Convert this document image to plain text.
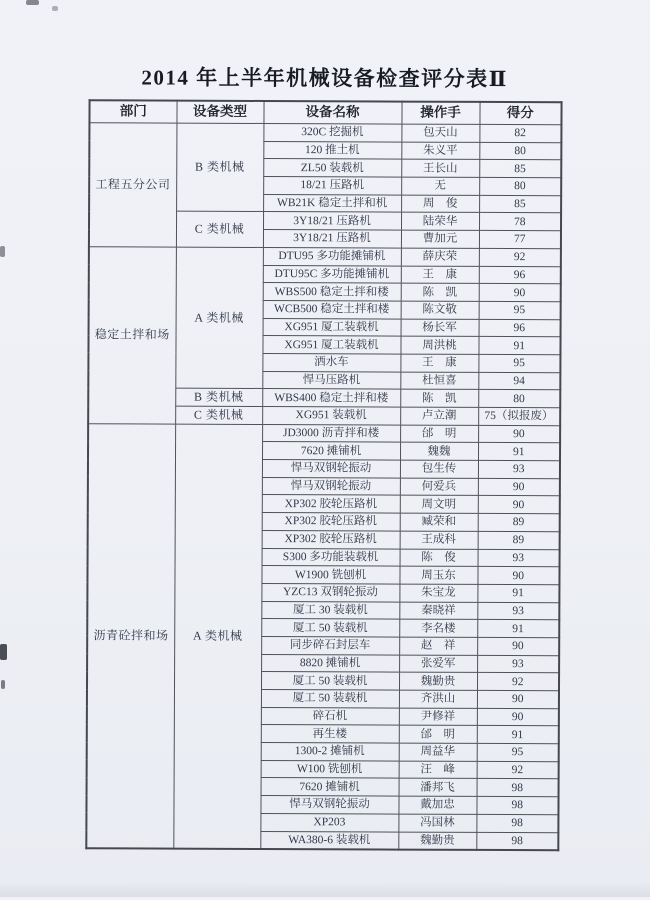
2014 年上半年机械设备检查评分表Ⅱ
部门	设备类型	设备名称	操作手	得分
工程五分公司	B 类机械	320C 挖掘机	包天山	82
		120 推土机	朱义平	80
		ZL50 装载机	王长山	85
		18/21 压路机	无	80
		WB21K 稳定土拌和机	周　俊	85
	C 类机械	3Y18/21 压路机	陆荣华	78
		3Y18/21 压路机	曹加元	77
稳定土拌和场	A 类机械	DTU95 多功能摊铺机	薛庆荣	92
		DTU95C 多功能摊铺机	王　康	96
		WBS500 稳定土拌和楼	陈　凯	90
		WCB500 稳定土拌和楼	陈文敬	95
		XG951 厦工装载机	杨长军	96
		XG951 厦工装载机	周洪桃	91
		洒水车	王　康	95
		悍马压路机	杜恒喜	94
	B 类机械	WBS400 稳定土拌和楼	陈　凯	80
	C 类机械	XG951 装载机	卢立潮	75（拟报废）
沥青砼拌和场	A 类机械	JD3000 沥青拌和楼	邰　明	90
		7620 摊铺机	魏魏	91
		悍马双钢轮振动	包生传	93
		悍马双钢轮振动	何爱兵	90
		XP302 胶轮压路机	周文明	90
		XP302 胶轮压路机	臧荣和	89
		XP302 胶轮压路机	王成科	89
		S300 多功能装载机	陈　俊	93
		W1900 铣刨机	周玉东	90
		YZC13 双钢轮振动	朱宝龙	91
		厦工 30 装载机	秦晓祥	93
		厦工 50 装载机	李名楼	91
		同步碎石封层车	赵　祥	90
		8820 摊铺机	张爱军	93
		厦工 50 装载机	魏勤贵	92
		厦工 50 装载机	齐洪山	90
		碎石机	尹修祥	90
		再生楼	邰　明	91
		1300-2 摊铺机	周益华	95
		W100 铣刨机	汪　峰	92
		7620 摊铺机	潘邦飞	98
		悍马双钢轮振动	戴加忠	98
		XP203	冯国林	98
		WA380-6 装载机	魏勤贵	98
